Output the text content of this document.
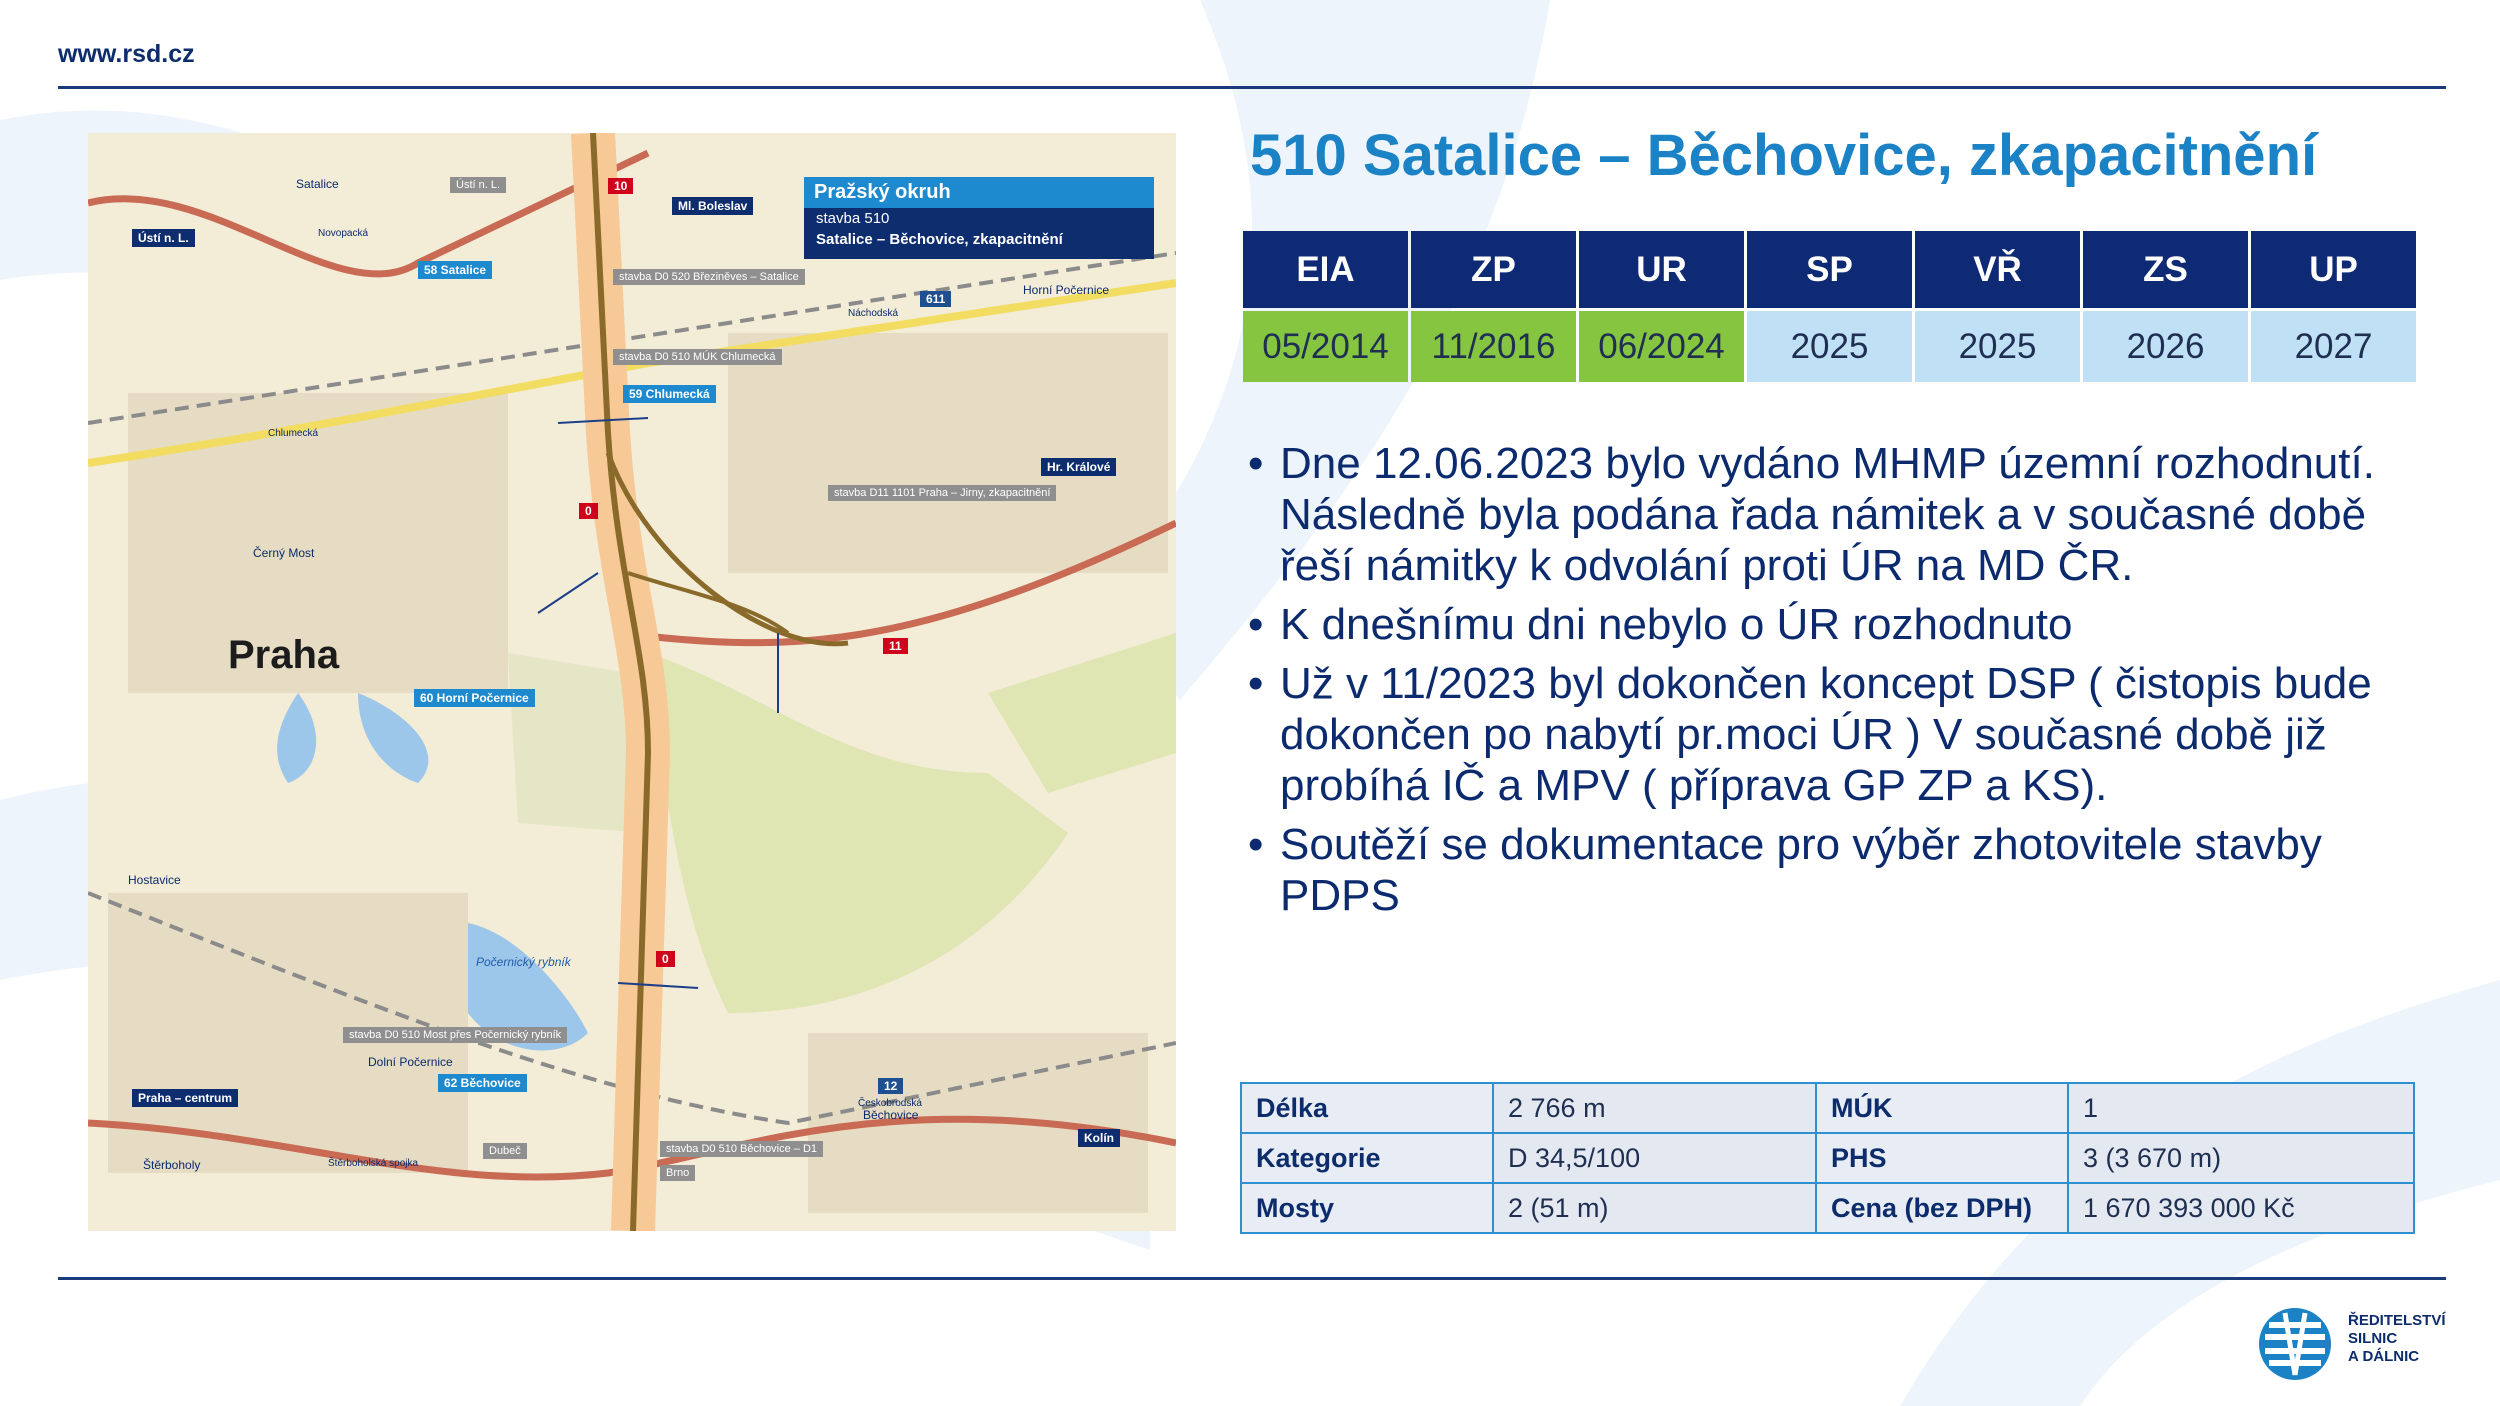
www.rsd.cz
Pražský okruh
stavba 510
Satalice – Běchovice, zkapacitnění
Praha
Satalice
Horní Počernice
Černý Most
Hostavice
Počernický rybník
Dolní Počernice
Běchovice
Štěrboholy
Chlumecká
Náchodská
Českobrodská
Novopacká
Štěrboholská spojka
Ústí n. L.
Ústí n. L.
Ml. Boleslav
Hr. Králové
Praha – centrum
Kolín
Brno
Dubeč
58 Satalice
59 Chlumecká
60 Horní Počernice
62 Běchovice
stavba D0 520 Březiněves – Satalice
stavba D0 510 MÚK Chlumecká
stavba D11 1101 Praha – Jirny, zkapacitnění
stavba D0 510 Most přes Počernický rybník
stavba D0 510 Běchovice – D1
10
611
0
11
0
12
510 Satalice – Běchovice, zkapacitnění
EIA	ZP	UR	SP	VŘ	ZS	UP
05/2014	11/2016	06/2024	2025	2025	2026	2027
• Dne 12.06.2023 bylo vydáno MHMP územní rozhodnutí. Následně byla podána řada námitek a v současné době řeší námitky k odvolání proti ÚR na MD ČR.
• K dnešnímu dni nebylo o ÚR rozhodnuto
• Už v 11/2023 byl dokončen koncept DSP ( čistopis bude dokončen po nabytí pr.moci ÚR ) V současné době již probíhá IČ a MPV ( příprava GP ZP a KS).
• Soutěží se dokumentace pro výběr zhotovitele stavby PDPS
Délka	2 766 m	MÚK	1
Kategorie	D 34,5/100	PHS	3 (3 670 m)
Mosty	2 (51 m)	Cena (bez DPH)	1 670 393 000 Kč
ŘEDITELSTVÍ
SILNIC
A DÁLNIC
